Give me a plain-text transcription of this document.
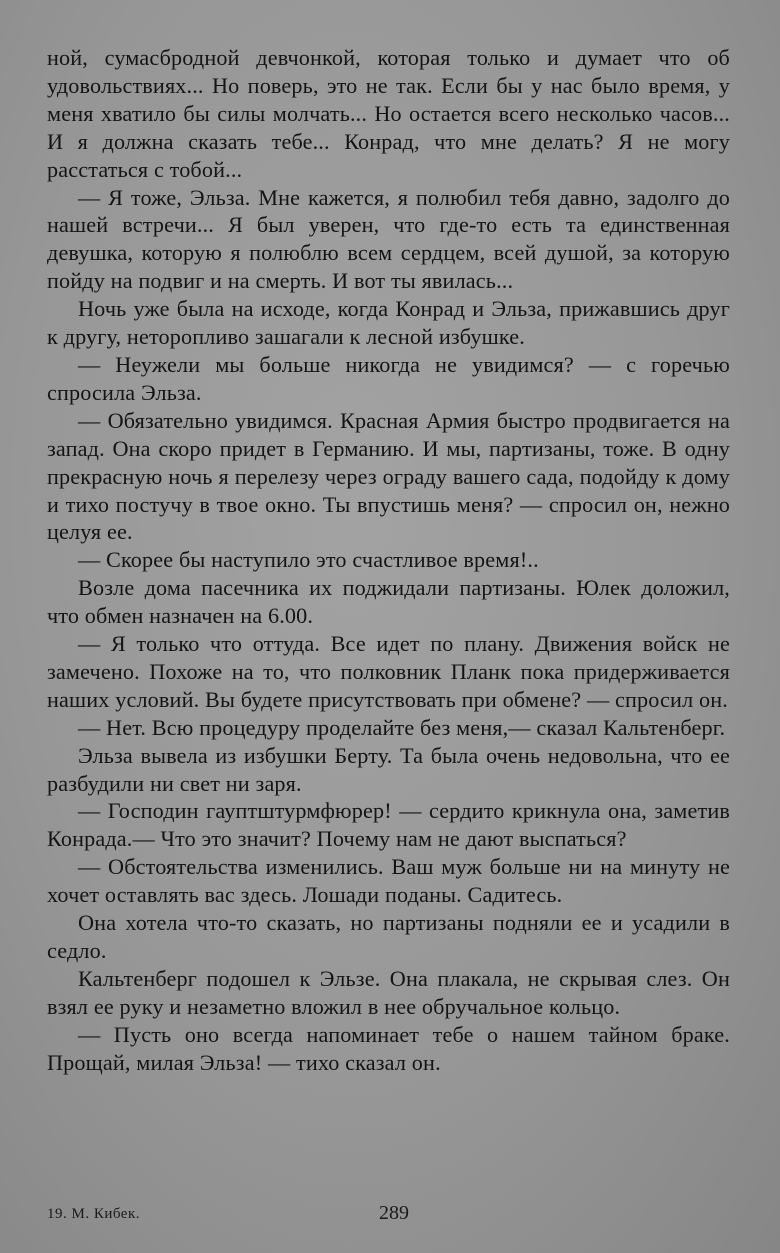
ной, сумасбродной девчонкой, которая только и думает что об удовольствиях... Но поверь, это не так. Если бы у нас было время, у меня хватило бы силы молчать... Но остается всего несколько часов... И я должна сказать тебе... Конрад, что мне делать? Я не могу расстаться с тобой...

— Я тоже, Эльза. Мне кажется, я полюбил тебя давно, задолго до нашей встречи... Я был уверен, что где-то есть та единственная девушка, которую я полюблю всем сердцем, всей душой, за которую пойду на подвиг и на смерть. И вот ты явилась...

Ночь уже была на исходе, когда Конрад и Эльза, прижавшись друг к другу, неторопливо зашагали к лесной избушке.

— Неужели мы больше никогда не увидимся? — с горечью спросила Эльза.

— Обязательно увидимся. Красная Армия быстро продвигается на запад. Она скоро придет в Германию. И мы, партизаны, тоже. В одну прекрасную ночь я перелезу через ограду вашего сада, подойду к дому и тихо постучу в твое окно. Ты впустишь меня? — спросил он, нежно целуя ее.

— Скорее бы наступило это счастливое время!..

Возле дома пасечника их поджидали партизаны. Юлек доложил, что обмен назначен на 6.00.

— Я только что оттуда. Все идет по плану. Движения войск не замечено. Похоже на то, что полковник Планк пока придерживается наших условий. Вы будете присутствовать при обмене? — спросил он.

— Нет. Всю процедуру проделайте без меня,— сказал Кальтенберг.

Эльза вывела из избушки Берту. Та была очень недовольна, что ее разбудили ни свет ни заря.

— Господин гауптштурмфюрер! — сердито крикнула она, заметив Конрада.— Что это значит? Почему нам не дают выспаться?

— Обстоятельства изменились. Ваш муж больше ни на минуту не хочет оставлять вас здесь. Лошади поданы. Садитесь.

Она хотела что-то сказать, но партизаны подняли ее и усадили в седло.

Кальтенберг подошел к Эльзе. Она плакала, не скрывая слез. Он взял ее руку и незаметно вложил в нее обручальное кольцо.

— Пусть оно всегда напоминает тебе о нашем тайном браке. Прощай, милая Эльза! — тихо сказал он.

19. М. Кибек.	289
